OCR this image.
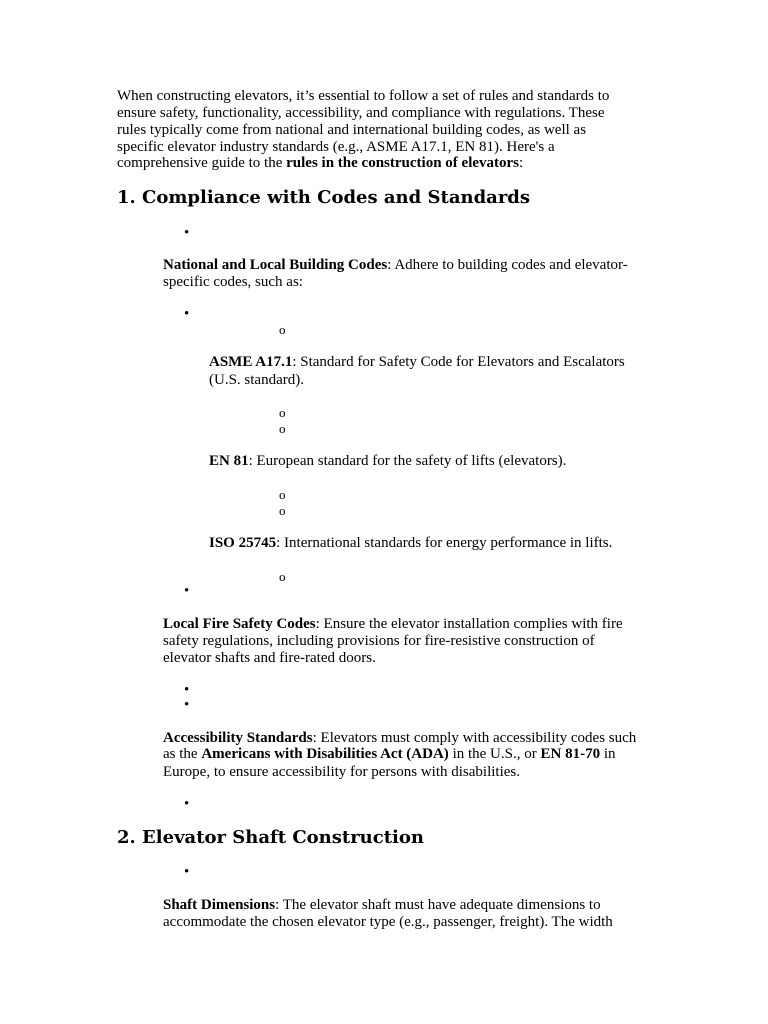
When constructing elevators, it’s essential to follow a set of rules and standards to

ensure safety, functionality, accessibility, and compliance with regulations. These

rules typically come from national and international building codes, as well as

specific elevator industry standards (e.g., ASME A17.1, EN 81). Here's a

comprehensive guide to the rules in the construction of elevators:

1. Compliance with Codes and Standards
•

National and Local Building Codes: Adhere to building codes and elevator-

specific codes, such as:

•
o

ASME A17.1: Standard for Safety Code for Elevators and Escalators

(U.S. standard).

o
o

EN 81: European standard for the safety of lifts (elevators).

o
o

ISO 25745: International standards for energy performance in lifts.

o
•

Local Fire Safety Codes: Ensure the elevator installation complies with fire

safety regulations, including provisions for fire-resistive construction of

elevator shafts and fire-rated doors.

•
•

Accessibility Standards: Elevators must comply with accessibility codes such

as the Americans with Disabilities Act (ADA) in the U.S., or EN 81-70 in

Europe, to ensure accessibility for persons with disabilities.

•
2. Elevator Shaft Construction
•

Shaft Dimensions: The elevator shaft must have adequate dimensions to

accommodate the chosen elevator type (e.g., passenger, freight). The width
